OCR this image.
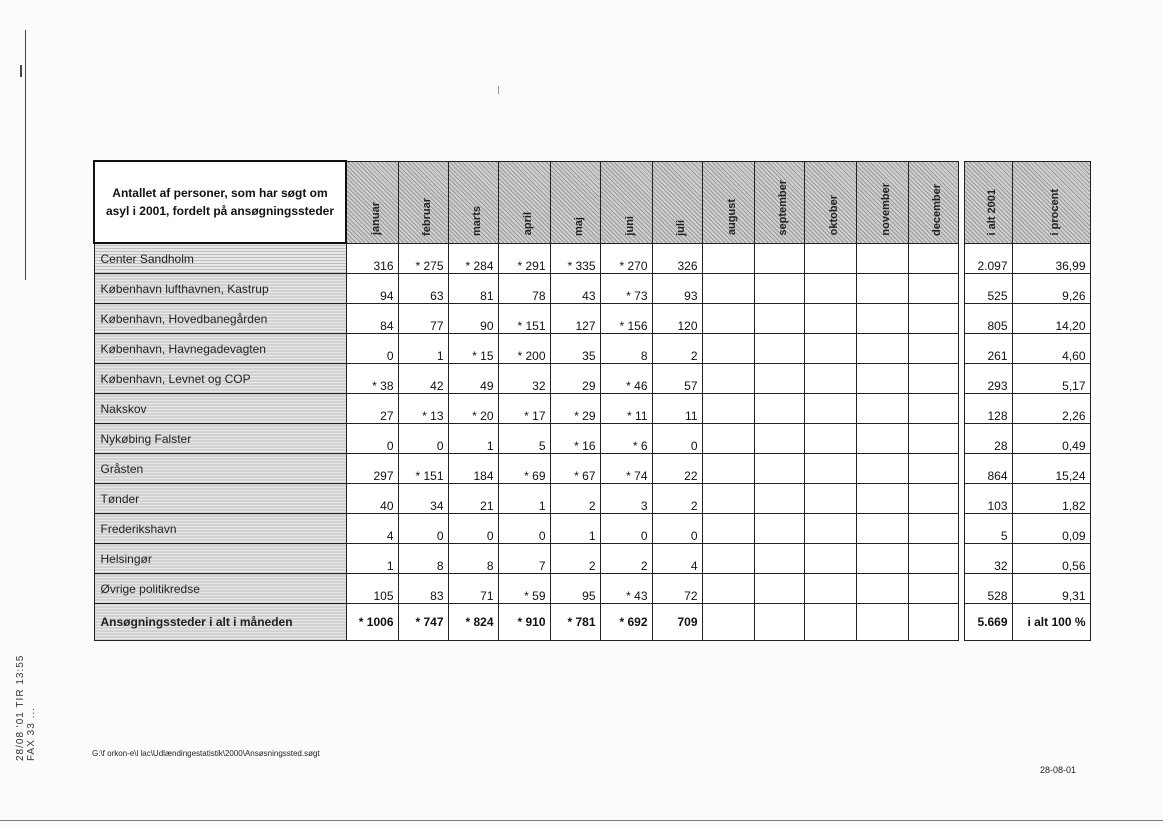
28/08 '01 TIR 13:55 FAX 33 ...
Antallet af personer, som har søgt om asyl i 2001, fordelt på ansøgningssteder	januar	februar	marts	april	maj	juni	juli	august	september	oktober	november	december		i alt 2001	i procent
Center Sandholm	316	* 275	* 284	* 291	* 335	* 270	326							2.097	36,99
København lufthavnen, Kastrup	94	63	81	78	43	* 73	93							525	9,26
København, Hovedbanegården	84	77	90	* 151	127	* 156	120							805	14,20
København, Havnegadevagten	0	1	* 15	* 200	35	8	2							261	4,60
København, Levnet og COP	* 38	42	49	32	29	* 46	57							293	5,17
Nakskov	27	* 13	* 20	* 17	* 29	* 11	11							128	2,26
Nykøbing Falster	0	0	1	5	* 16	* 6	0							28	0,49
Gråsten	297	* 151	184	* 69	* 67	* 74	22							864	15,24
Tønder	40	34	21	1	2	3	2							103	1,82
Frederikshavn	4	0	0	0	1	0	0							5	0,09
Helsingør	1	8	8	7	2	2	4							32	0,56
Øvrige politikredse	105	83	71	* 59	95	* 43	72							528	9,31
Ansøgningssteder i alt i måneden	* 1006	* 747	* 824	* 910	* 781	* 692	709							5.669	i alt 100 %
G:\f orkon-e\l lac\Udlændingestatistik\2000\Ansøsningssted.søgt
28-08-01
